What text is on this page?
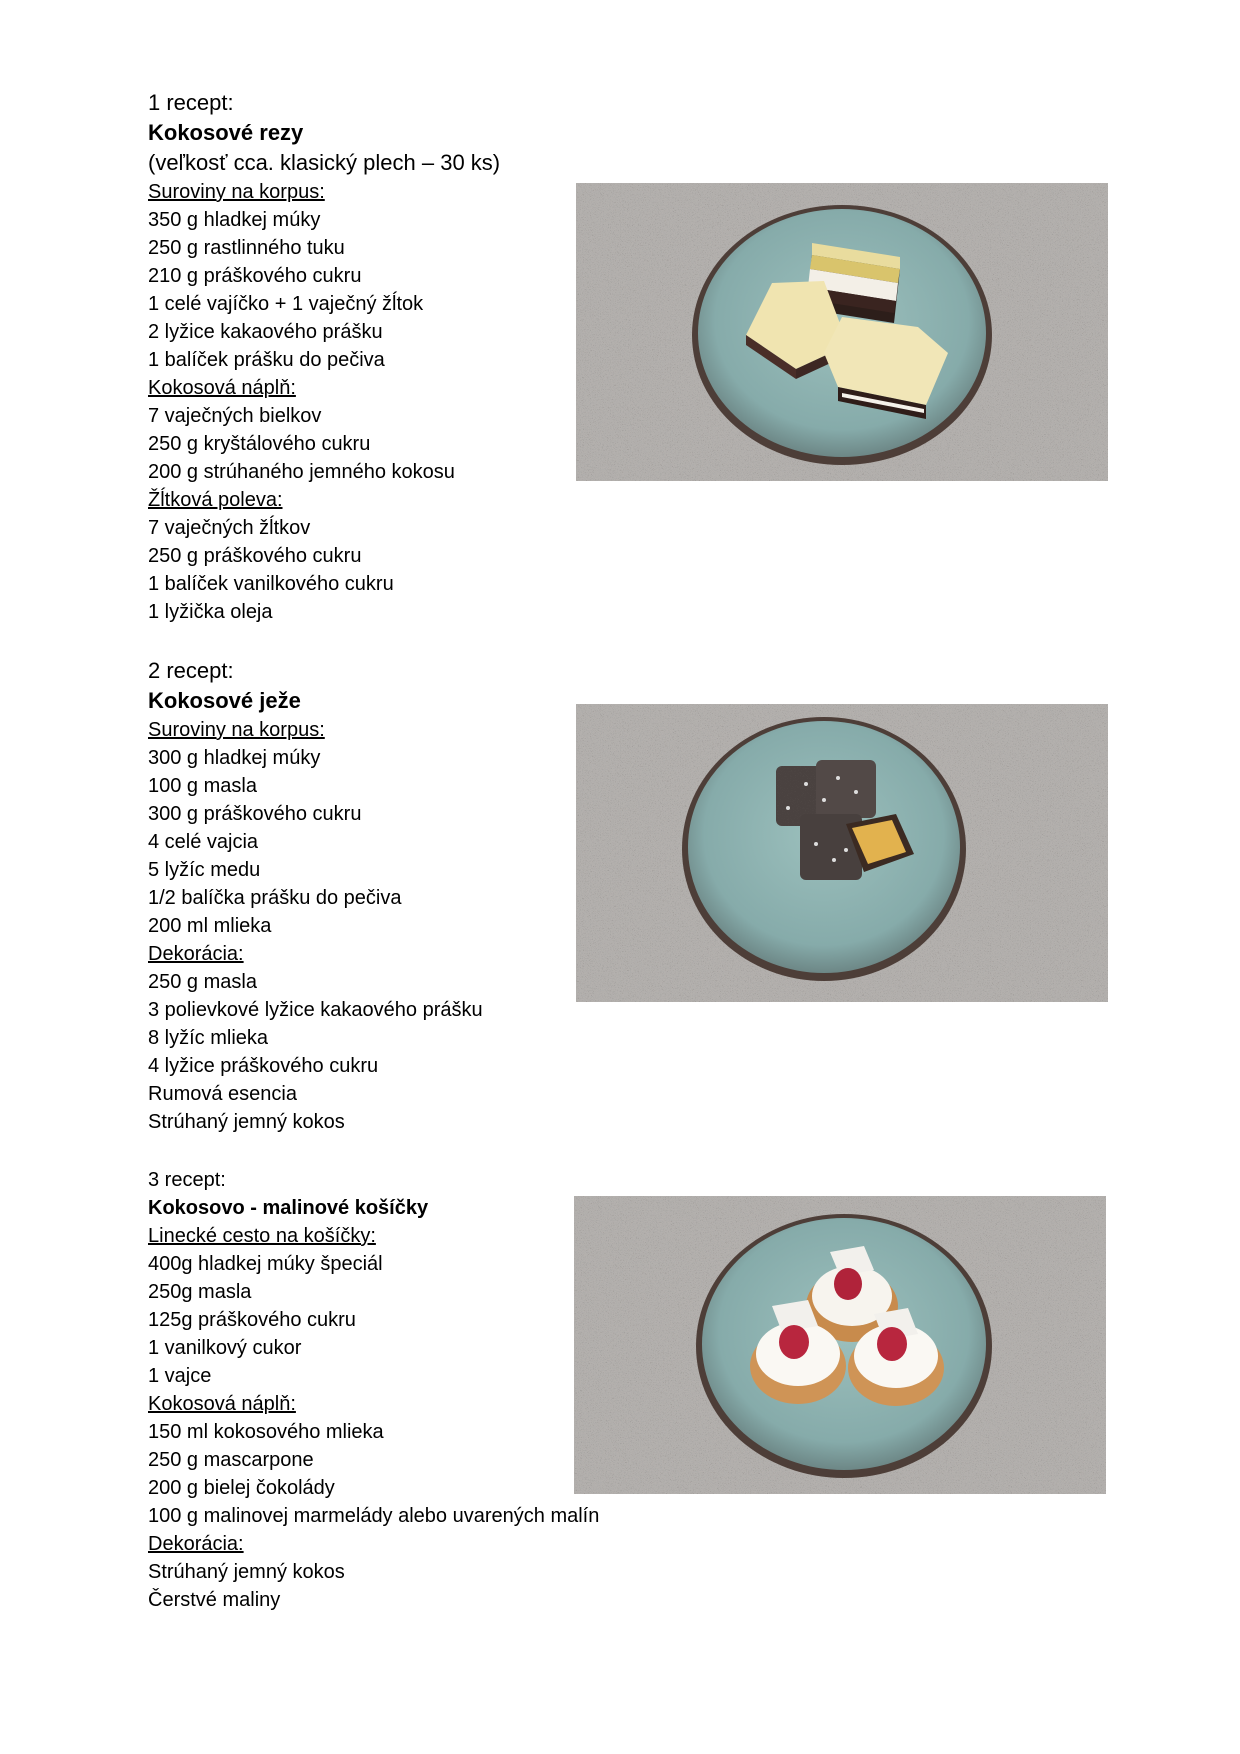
1 recept:
Kokosové rezy
(veľkosť cca. klasický plech – 30 ks)
Suroviny na korpus:
350 g hladkej múky
250 g rastlinného tuku
210 g práškového cukru
1 celé vajíčko + 1 vaječný žĺtok
2 lyžice kakaového prášku
1 balíček prášku do pečiva
Kokosová náplň:
7 vaječných bielkov
250 g kryštálového cukru
200 g strúhaného jemného kokosu
Žĺtková poleva:
7 vaječných žĺtkov
250 g práškového cukru
1 balíček vanilkového cukru
1 lyžička oleja
2 recept:
Kokosové ježe
Suroviny na korpus:
300 g hladkej múky
100 g masla
300 g práškového cukru
4 celé vajcia
5 lyžíc medu
1/2 balíčka prášku do pečiva
200 ml mlieka
Dekorácia:
250 g masla
3 polievkové lyžice kakaového prášku
8 lyžíc mlieka
4 lyžice práškového cukru
Rumová esencia
Strúhaný jemný kokos
3 recept:
Kokosovo - malinové košíčky
Linecké cesto na košíčky:
400g hladkej múky špeciál
250g masla
125g práškového cukru
1 vanilkový cukor
1 vajce
Kokosová náplň:
150 ml kokosového mlieka
250 g mascarpone
200 g bielej čokolády
100 g malinovej marmelády alebo uvarených malín
Dekorácia:
Strúhaný jemný kokos
Čerstvé maliny
